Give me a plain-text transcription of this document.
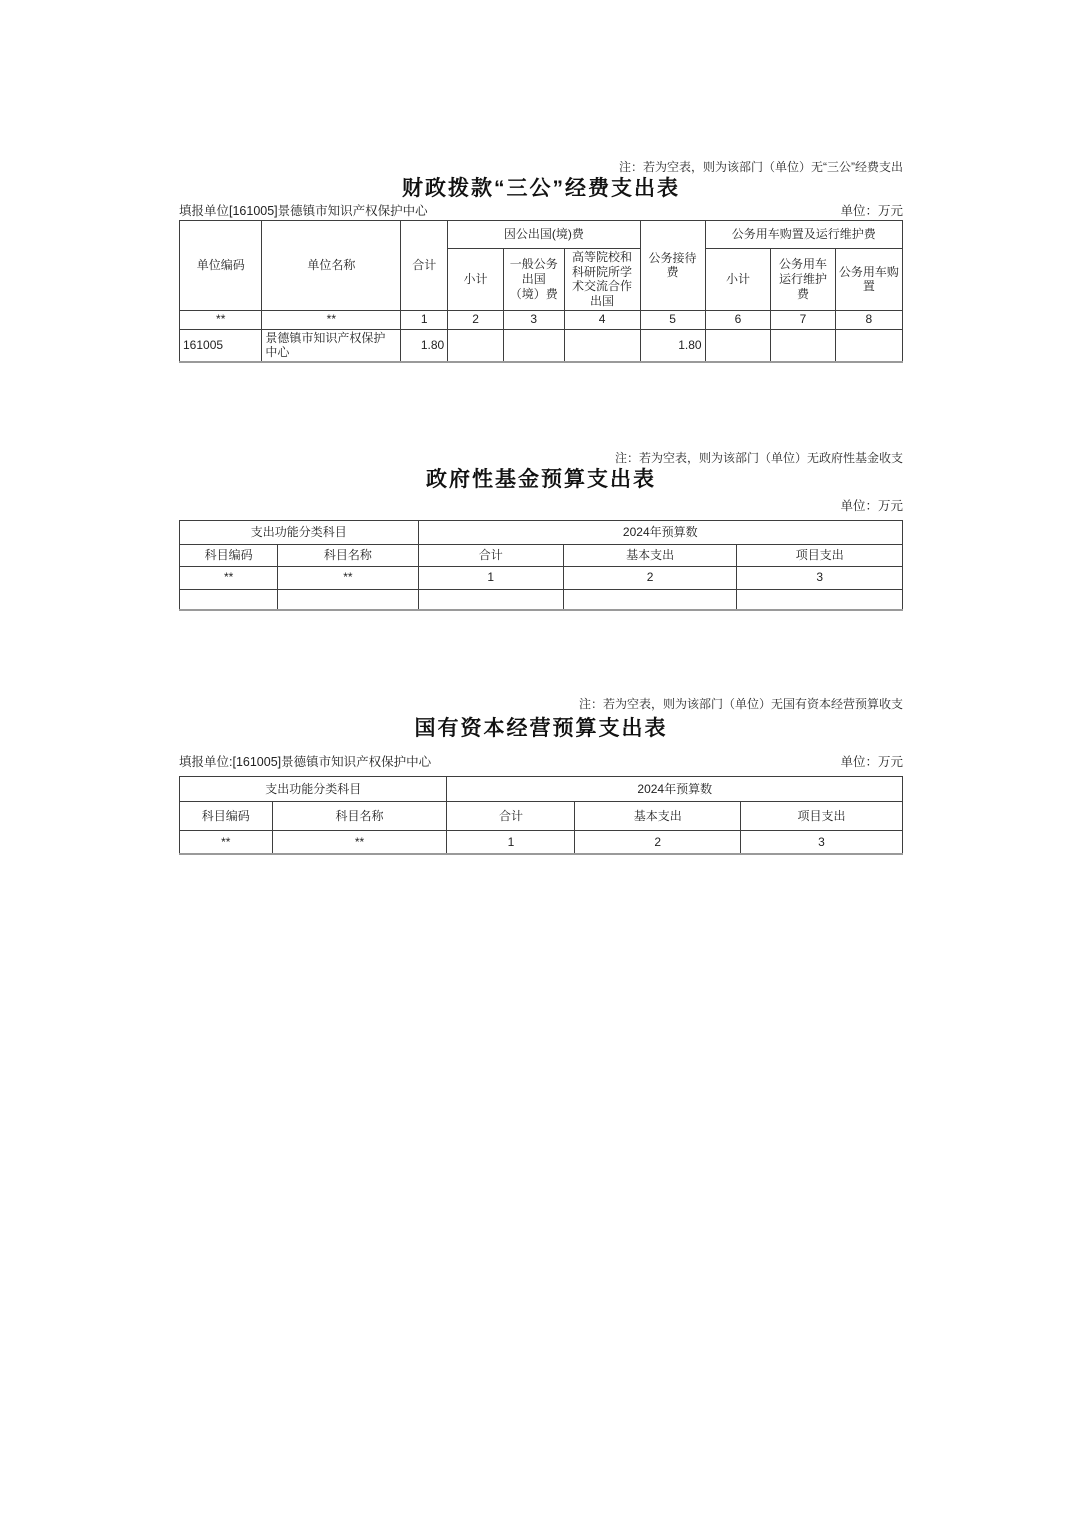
注：若为空表，则为该部门（单位）无“三公”经费支出
财政拨款“三公”经费支出表
填报单位[161005]景德镇市知识产权保护中心	单位：万元
单位编码	单位名称	合计	因公出国(境)费			公务接待费	公务用车购置及运行维护费		
			小计	一般公务出国（境）费	高等院校和科研院所学术交流合作出国		小计	公务用车运行维护费	公务用车购置
**	**	1	2	3	4	5	6	7	8
161005	景德镇市知识产权保护中心	1.80				1.80			
注：若为空表，则为该部门（单位）无政府性基金收支
政府性基金预算支出表
单位：万元
支出功能分类科目		2024年预算数		
科目编码	科目名称	合计	基本支出	项目支出
**	**	1	2	3

注：若为空表，则为该部门（单位）无国有资本经营预算收支
国有资本经营预算支出表
填报单位:[161005]景德镇市知识产权保护中心	单位：万元
支出功能分类科目		2024年预算数		
科目编码	科目名称	合计	基本支出	项目支出
**	**	1	2	3
